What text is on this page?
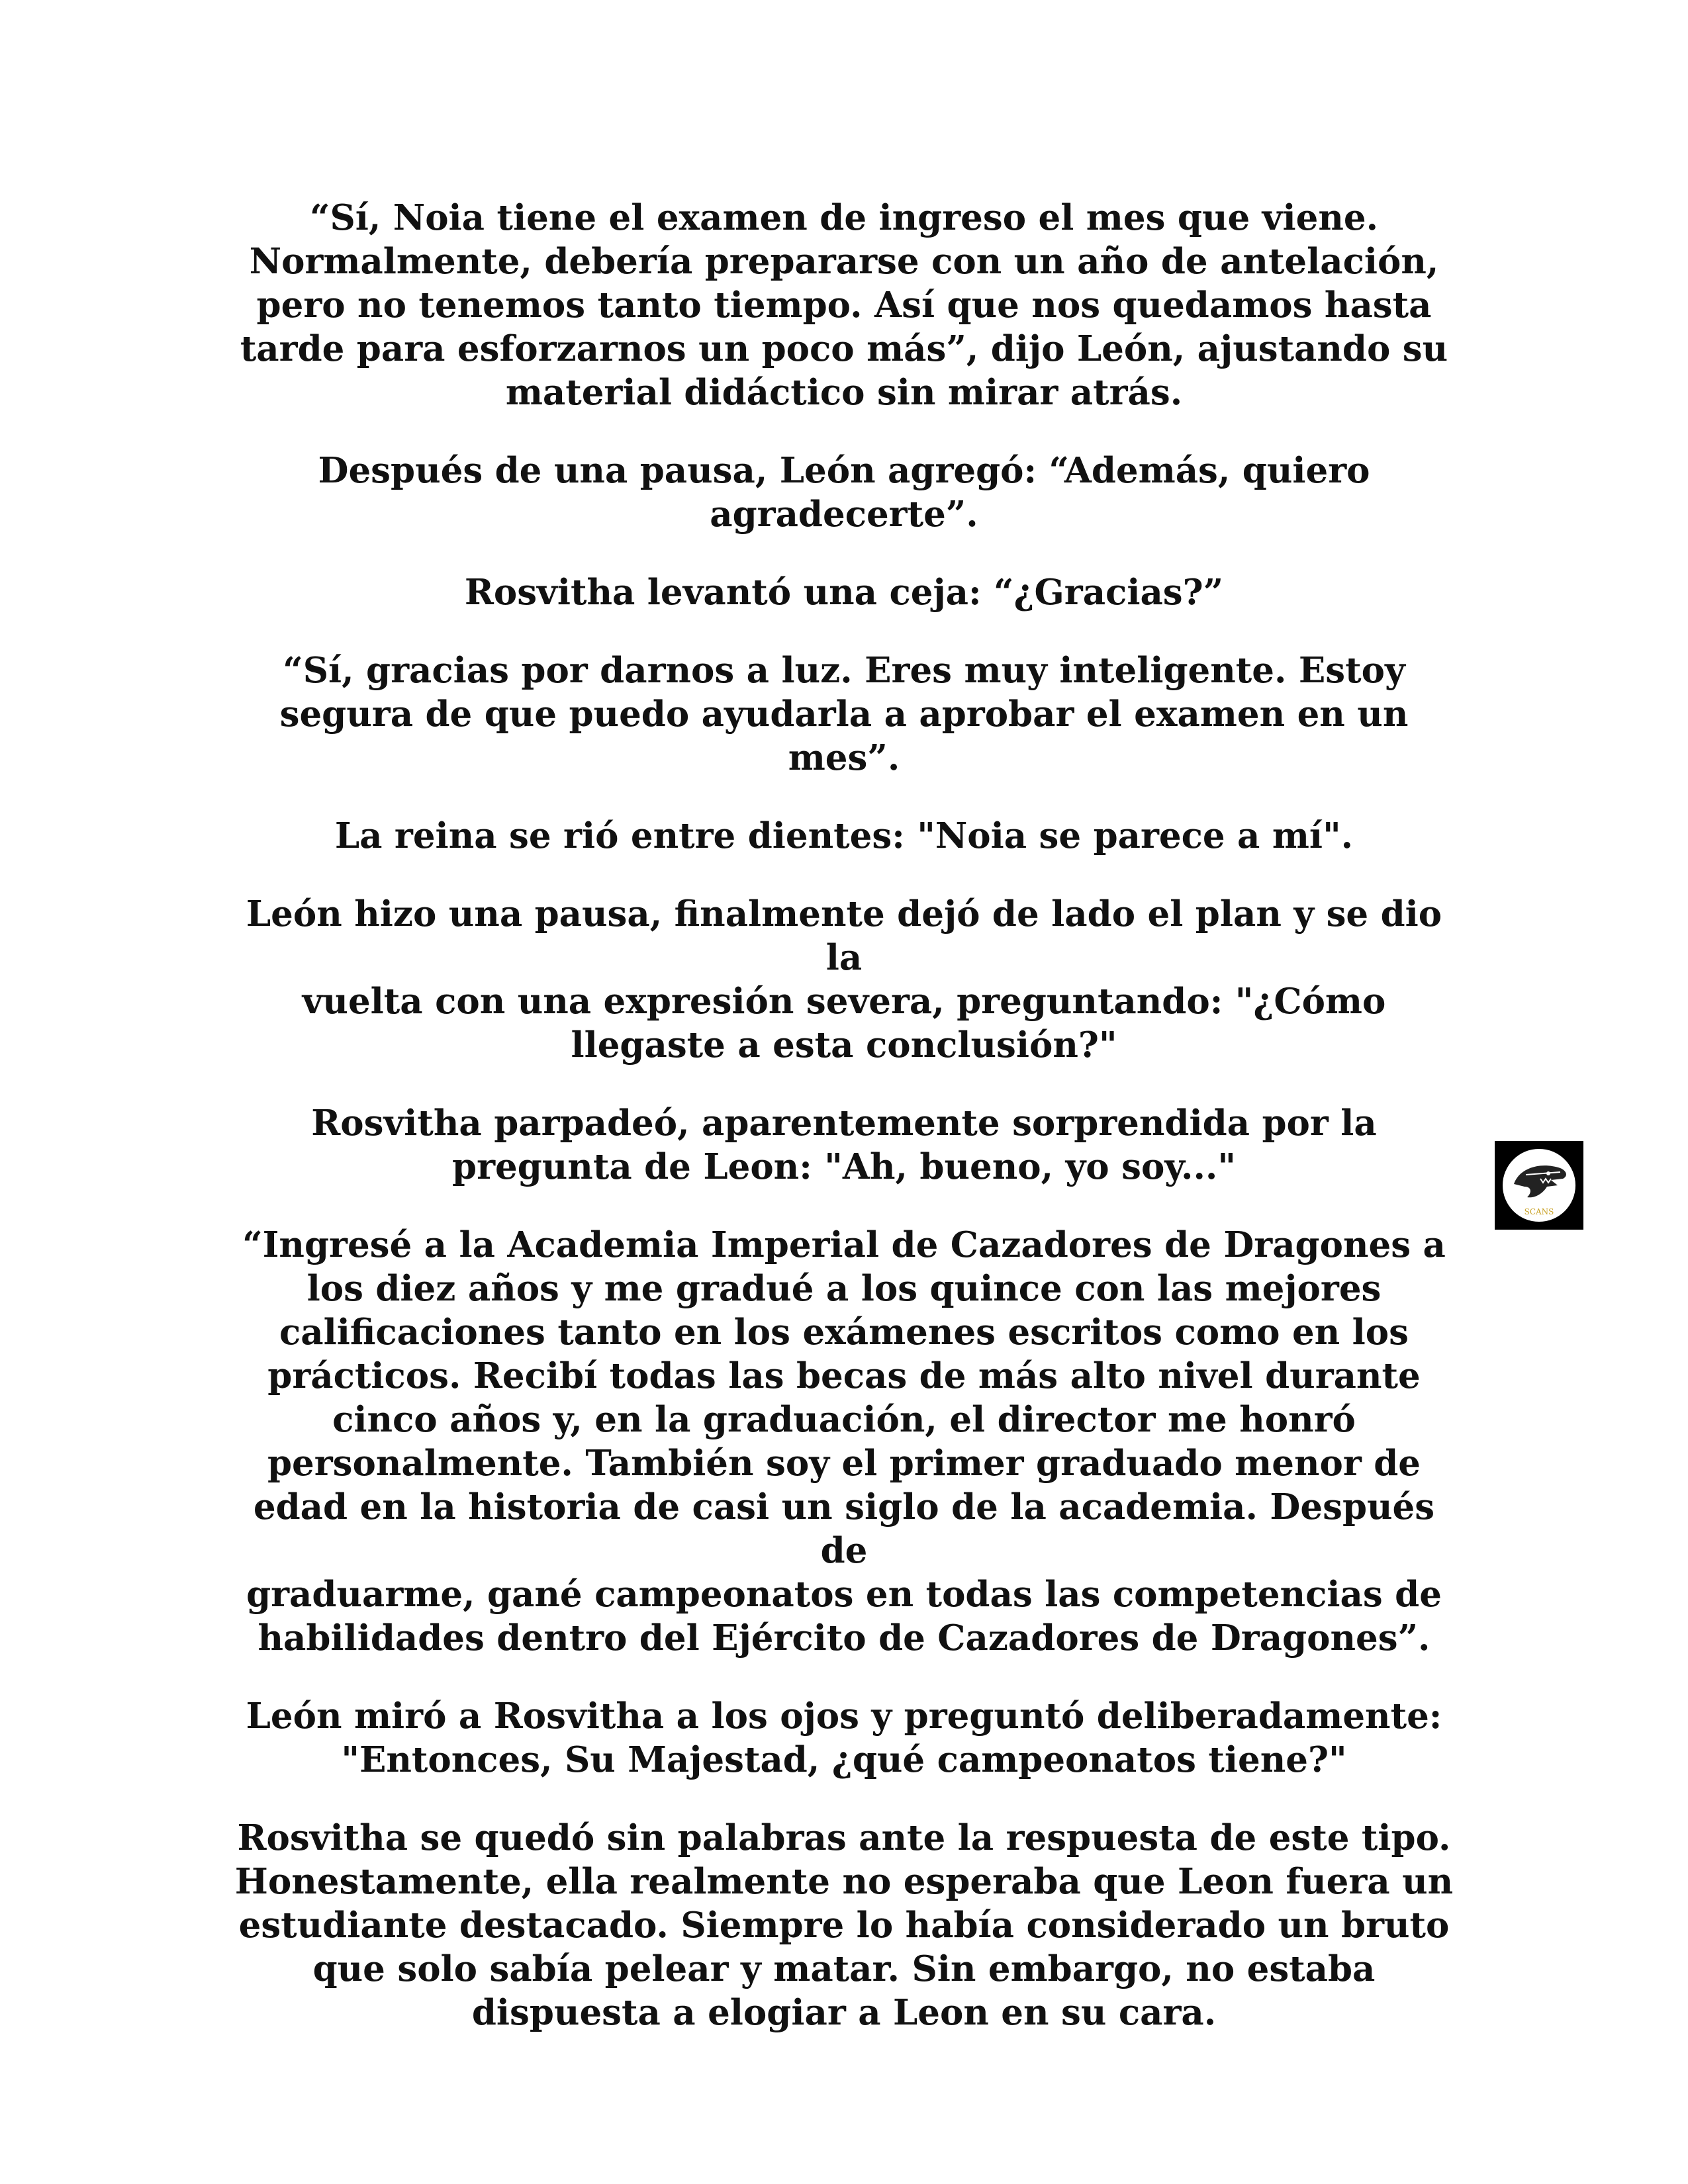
“Sí, Noia tiene el examen de ingreso el mes que viene.
Normalmente, debería prepararse con un año de antelación,
pero no tenemos tanto tiempo. Así que nos quedamos hasta
tarde para esforzarnos un poco más”, dijo León, ajustando su
material didáctico sin mirar atrás.

Después de una pausa, León agregó: “Además, quiero
agradecerte”.

Rosvitha levantó una ceja: “¿Gracias?”

“Sí, gracias por darnos a luz. Eres muy inteligente. Estoy
segura de que puedo ayudarla a aprobar el examen en un
mes”.

La reina se rió entre dientes: "Noia se parece a mí".

León hizo una pausa, finalmente dejó de lado el plan y se dio la
vuelta con una expresión severa, preguntando: "¿Cómo
llegaste a esta conclusión?"

Rosvitha parpadeó, aparentemente sorprendida por la
pregunta de Leon: "Ah, bueno, yo soy..."

“Ingresé a la Academia Imperial de Cazadores de Dragones a
los diez años y me gradué a los quince con las mejores
calificaciones tanto en los exámenes escritos como en los
prácticos. Recibí todas las becas de más alto nivel durante
cinco años y, en la graduación, el director me honró
personalmente. También soy el primer graduado menor de
edad en la historia de casi un siglo de la academia. Después de
graduarme, gané campeonatos en todas las competencias de
habilidades dentro del Ejército de Cazadores de Dragones”.

León miró a Rosvitha a los ojos y preguntó deliberadamente:
"Entonces, Su Majestad, ¿qué campeonatos tiene?"

Rosvitha se quedó sin palabras ante la respuesta de este tipo.
Honestamente, ella realmente no esperaba que Leon fuera un
estudiante destacado. Siempre lo había considerado un bruto
que solo sabía pelear y matar. Sin embargo, no estaba
dispuesta a elogiar a Leon en su cara.

SCANS
